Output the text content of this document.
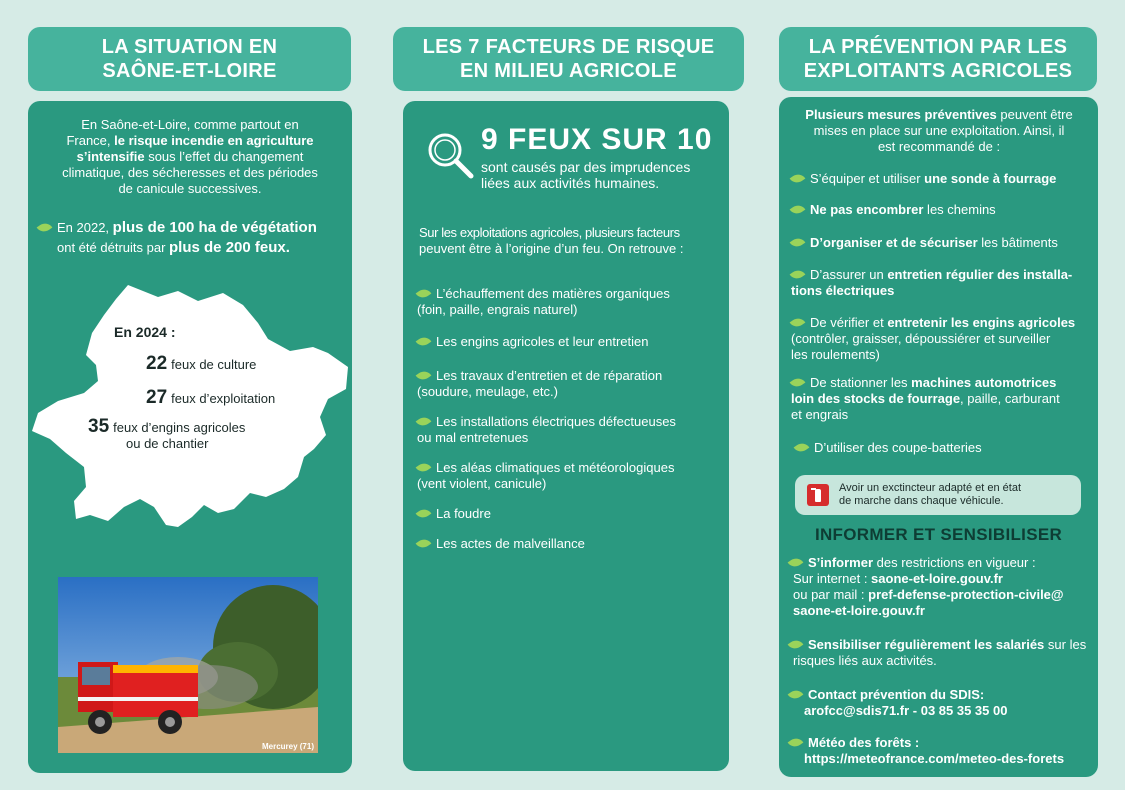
LA SITUATION EN
SAÔNE-ET-LOIRE
En Saône-et-Loire, comme partout en
France, le risque incendie en agriculture
s’intensifie sous l’effet du changement
climatique, des sécheresses et des périodes
de canicule successives.
En 2022, plus de 100 ha de végétation
ont été détruits par plus de 200 feux.
En 2024 :
22 feux de culture
27 feux d’exploitation
35 feux d’engins agricoles
ou de chantier
Mercurey (71)
LES 7 FACTEURS DE RISQUE
EN MILIEU AGRICOLE
9 FEUX SUR 10
sont causés par des imprudences
liées aux activités humaines.
Sur les exploitations agricoles, plusieurs facteurs
peuvent être à l’origine d’un feu. On retrouve :
L’échauffement des matières organiques
(foin, paille, engrais naturel)
Les engins agricoles et leur entretien
Les travaux d’entretien et de réparation
(soudure, meulage, etc.)
Les installations électriques défectueuses
ou mal entretenues
Les aléas climatiques et météorologiques
(vent violent, canicule)
La foudre
Les actes de malveillance
LA PRÉVENTION PAR LES
EXPLOITANTS AGRICOLES
Plusieurs mesures préventives peuvent être
mises en place sur une exploitation. Ainsi, il
est recommandé de :
S’équiper et utiliser une sonde à fourrage
Ne pas encombrer les chemins
D’organiser et de sécuriser les bâtiments
D’assurer un entretien régulier des installa-
tions électriques
De vérifier et entretenir les engins agricoles
(contrôler, graisser, dépoussiérer et surveiller
les roulements)
De stationner les machines automotrices
loin des stocks de fourrage, paille, carburant
et engrais
D’utiliser des coupe-batteries
Avoir un exctincteur adapté et en état
de marche dans chaque véhicule.
INFORMER ET SENSIBILISER
S’informer des restrictions en vigueur :
Sur internet : saone-et-loire.gouv.fr
ou par mail : pref-defense-protection-civile@
saone-et-loire.gouv.fr
Sensibiliser régulièrement les salariés sur les
risques liés aux activités.
Contact prévention du SDIS:
arofcc@sdis71.fr - 03 85 35 35 00
Météo des forêts :
https://meteofrance.com/meteo-des-forets
